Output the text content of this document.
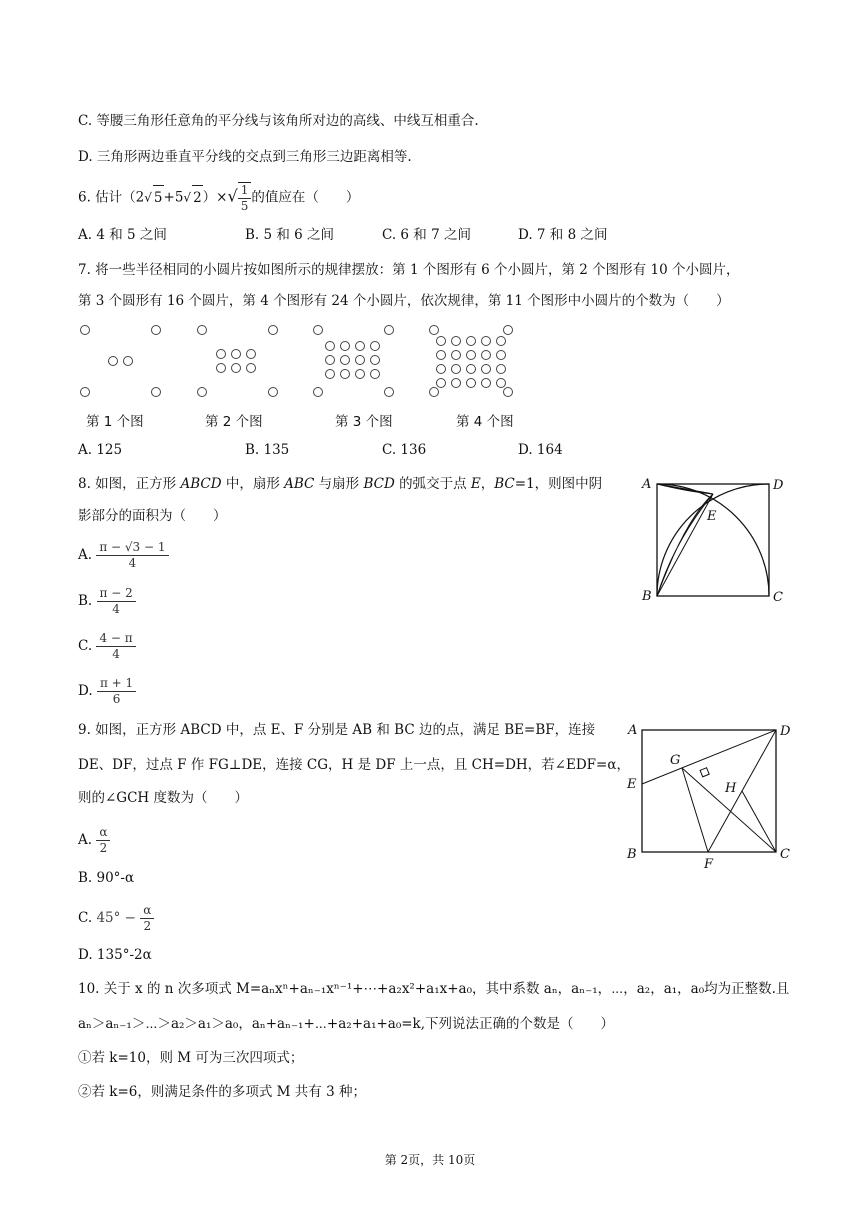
C. 等腰三角形任意角的平分线与该角所对边的高线、中线互相重合.
D. 三角形两边垂直平分线的交点到三角形三边距离相等.
6. 估计（2√ 5+5√ $2)\times√ \frac{1}{5}$ 的值应在（　　）
A. 4 和 5 之间	B. 5 和 6 之间	C. 6 和 7 之间	D. 7 和 8 之间
7. 将一些半径相同的小圆片按如图所示的规律摆放：第 1 个图形有 6 个小圆片，第 2 个图形有 10 个小圆片，
第 3 个圆形有 16 个圆片，第 4 个图形有 24 个小圆片，依次规律，第 11 个图形中小圆片的个数为（　　）
第 1 个图	第 2 个图	第 3 个图	第 4 个图
A. 125	B. 135	C. 136	D. 164
8. 如图，正方形 ABCD 中，扇形 ABC 与扇形 BCD 的弧交于点 E，BC=1，则图中阴
影部分的面积为（　　）
A. $\frac{\pi - √3 - 1}{4}$
B. $\frac{\pi - 2}{4}$
C. $\frac{4 - \pi}{4}$
D. $\frac{\pi + 1}{6}$
A	D
E
B	C
9. 如图，正方形 ABCD 中，点 E、F 分别是 AB 和 BC 边的点，满足 BE=BF，连接
DE、DF，过点 F 作 FG⊥DE，连接 CG，H 是 DF 上一点，且 CH=DH，若∠EDF=α，
则的∠GCH 度数为（　　）
A. $\frac{\alpha}{2}$
B. 90°-α
C. $45^\circ - \frac{\alpha}{2}$
D. 135°-2α
A	D
G
E	H
B
F
C
10. 关于 x 的 n 次多项式 M=aₙxⁿ+aₙ₋₁xⁿ⁻¹+⋯+a₂x²+a₁x+a₀，其中系数 aₙ，aₙ₋₁，⋯，a₂，a₁，a₀均为正整数.且
aₙ＞aₙ₋₁＞⋯＞a₂＞a₁＞a₀，aₙ+aₙ₋₁+⋯+a₂+a₁+a₀=k,下列说法正确的个数是（　　）
①若 k=10，则 M 可为三次四项式；
②若 k=6，则满足条件的多项式 M 共有 3 种；
第 2页，共 10页
